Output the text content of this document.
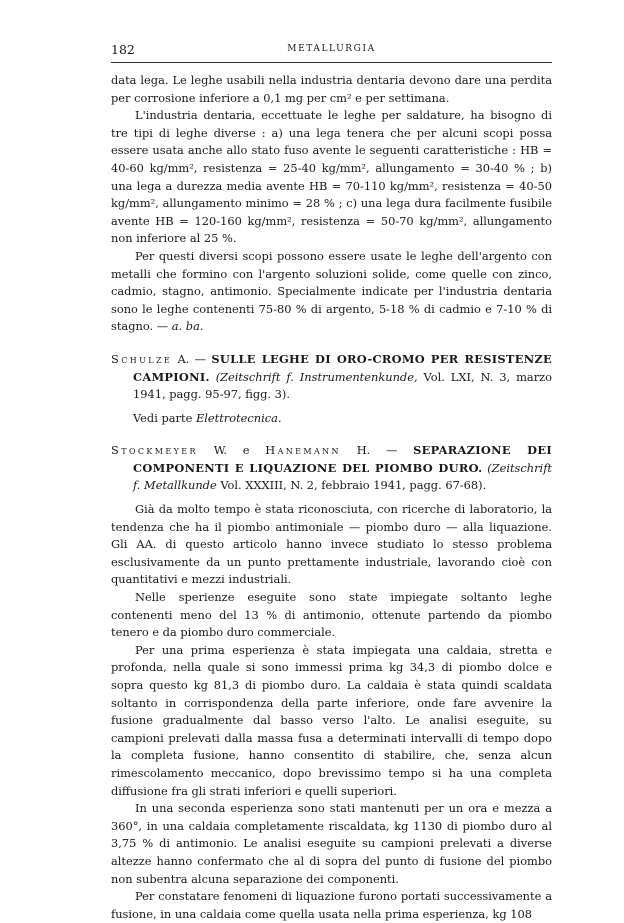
182	METALLURGIA

data lega. Le leghe usabili nella industria dentaria devono dare una perdita per corrosione inferiore a 0,1 mg per cm² e per settimana.

L'industria dentaria, eccettuate le leghe per saldature, ha bisogno di tre tipi di leghe diverse : a) una lega tenera che per alcuni scopi possa essere usata anche allo stato fuso avente le seguenti caratteristiche : HB = 40-60 kg/mm², resistenza = 25-40 kg/mm², allungamento = 30-40 % ; b) una lega a durezza media avente HB = 70-110 kg/mm², resistenza = 40-50 kg/mm², allungamento minimo = 28 % ; c) una lega dura facilmente fusibile avente HB = 120-160 kg/mm², resistenza = 50-70 kg/mm², allungamento non inferiore al 25 %.

Per questi diversi scopi possono essere usate le leghe dell'argento con metalli che formino con l'argento soluzioni solide, come quelle con zinco, cadmio, stagno, antimonio. Specialmente indicate per l'industria dentaria sono le leghe contenenti 75-80 % di argento, 5-18 % di cadmio e 7-10 % di stagno. — a. ba.

Schulze A. — SULLE LEGHE DI ORO-CROMO PER RESISTENZE CAMPIONI. (Zeitschrift f. Instrumentenkunde, Vol. LXI, N. 3, marzo 1941, pagg. 95-97, figg. 3).

Vedi parte Elettrotecnica.

Stockmeyer W. e Hanemann H. — SEPARAZIONE DEI COMPONENTI E LIQUAZIONE DEL PIOMBO DURO. (Zeitschrift f. Metallkunde Vol. XXXIII, N. 2, febbraio 1941, pagg. 67-68).

Già da molto tempo è stata riconosciuta, con ricerche di laboratorio, la tendenza che ha il piombo antimoniale — piombo duro — alla liquazione. Gli AA. di questo articolo hanno invece studiato lo stesso problema esclusivamente da un punto prettamente industriale, lavorando cioè con quantitativi e mezzi industriali.

Nelle sperienze eseguite sono state impiegate soltanto leghe contenenti meno del 13 % di antimonio, ottenute partendo da piombo tenero e da piombo duro commerciale.

Per una prima esperienza è stata impiegata una caldaia, stretta e profonda, nella quale si sono immessi prima kg 34,3 di piombo dolce e sopra questo kg 81,3 di piombo duro. La caldaia è stata quindi scaldata soltanto in corrispondenza della parte inferiore, onde fare avvenire la fusione gradualmente dal basso verso l'alto. Le analisi eseguite, su campioni prelevati dalla massa fusa a determinati intervalli di tempo dopo la completa fusione, hanno consentito di stabilire, che, senza alcun rimescolamento meccanico, dopo brevissimo tempo si ha una completa diffusione fra gli strati inferiori e quelli superiori.

In una seconda esperienza sono stati mantenuti per un ora e mezza a 360°, in una caldaia completamente riscaldata, kg 1130 di piombo duro al 3,75 % di antimonio. Le analisi eseguite su campioni prelevati a diverse altezze hanno confermato che al di sopra del punto di fusione del piombo non subentra alcuna separazione dei componenti.

Per constatare fenomeni di liquazione furono portati successivamente a fusione, in una caldaia come quella usata nella prima esperienza, kg 108
